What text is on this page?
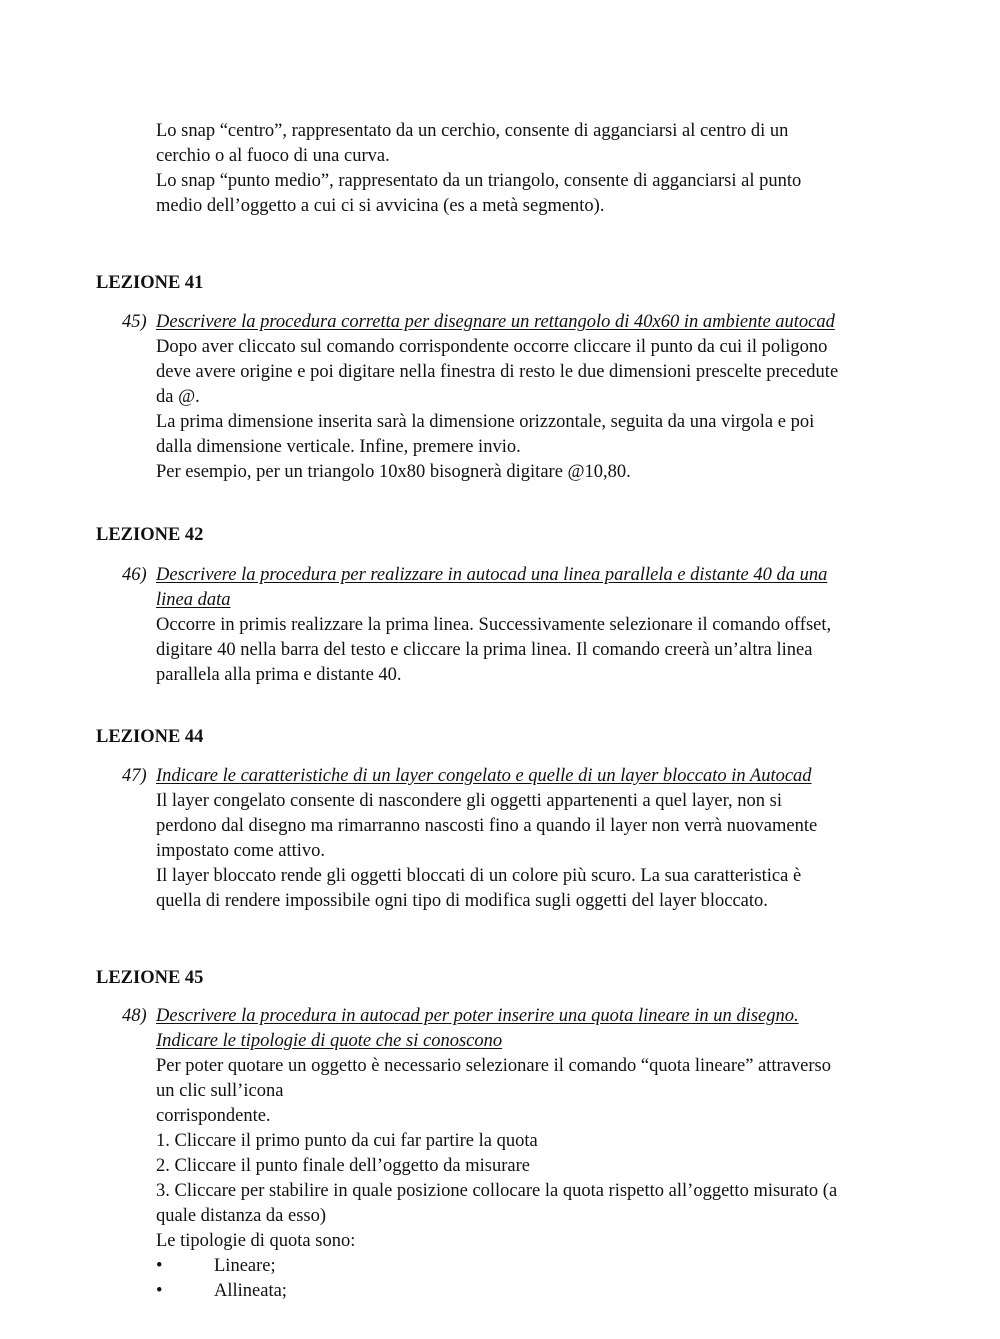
Lo snap “centro”, rappresentato da un cerchio, consente di agganciarsi al centro di un
cerchio o al fuoco di una curva.
Lo snap “punto medio”, rappresentato da un triangolo, consente di agganciarsi al punto
medio dell’oggetto a cui ci si avvicina (es a metà segmento).
LEZIONE 41
45) Descrivere la procedura corretta per disegnare un rettangolo di 40x60 in ambiente autocad
Dopo aver cliccato sul comando corrispondente occorre cliccare il punto da cui il poligono
deve avere origine e poi digitare nella finestra di resto le due dimensioni prescelte precedute
da @.
La prima dimensione inserita sarà la dimensione orizzontale, seguita da una virgola e poi
dalla dimensione verticale. Infine, premere invio.
Per esempio, per un triangolo 10x80 bisognerà digitare @10,80.
LEZIONE 42
46) Descrivere la procedura per realizzare in autocad una linea parallela e distante 40 da una
linea data
Occorre in primis realizzare la prima linea. Successivamente selezionare il comando offset,
digitare 40 nella barra del testo e cliccare la prima linea. Il comando creerà un’altra linea
parallela alla prima e distante 40.
LEZIONE 44
47) Indicare le caratteristiche di un layer congelato e quelle di un layer bloccato in Autocad
Il layer congelato consente di nascondere gli oggetti appartenenti a quel layer, non si
perdono dal disegno ma rimarranno nascosti fino a quando il layer non verrà nuovamente
impostato come attivo.
Il layer bloccato rende gli oggetti bloccati di un colore più scuro. La sua caratteristica è
quella di rendere impossibile ogni tipo di modifica sugli oggetti del layer bloccato.
LEZIONE 45
48) Descrivere la procedura in autocad per poter inserire una quota lineare in un disegno.
Indicare le tipologie di quote che si conoscono
Per poter quotare un oggetto è necessario selezionare il comando “quota lineare” attraverso
un clic sull’icona
corrispondente.
1. Cliccare il primo punto da cui far partire la quota
2. Cliccare il punto finale dell’oggetto da misurare
3. Cliccare per stabilire in quale posizione collocare la quota rispetto all’oggetto misurato (a
quale distanza da esso)
Le tipologie di quota sono:
•	Lineare;
•	Allineata;
